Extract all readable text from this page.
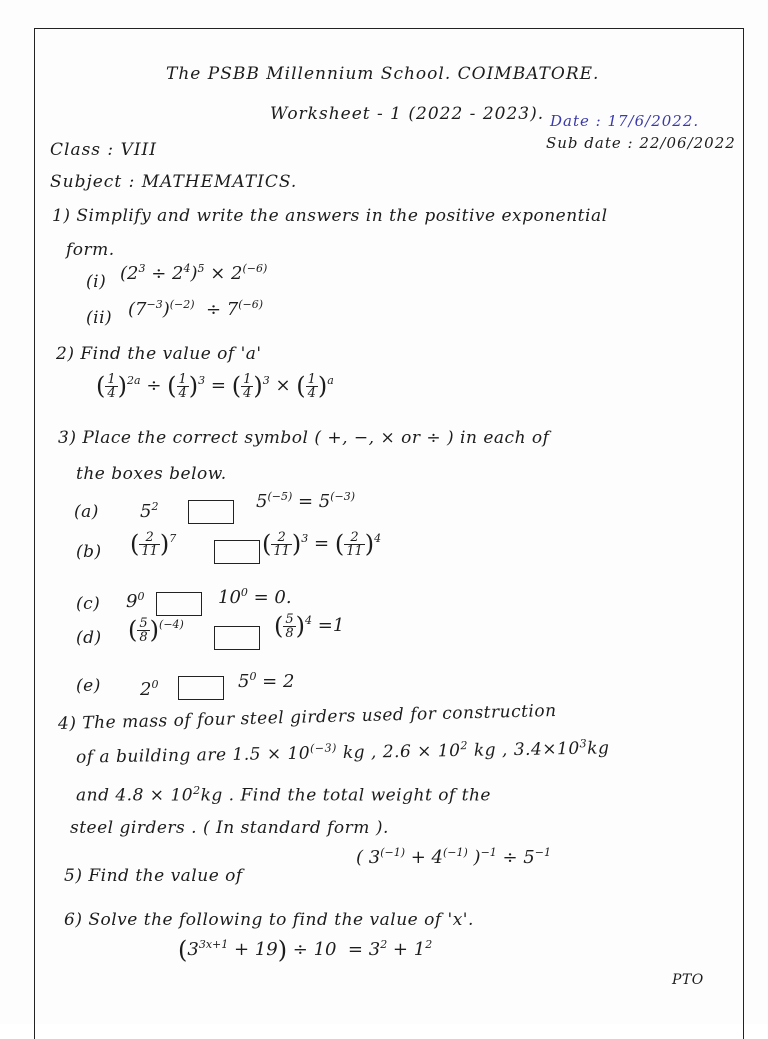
The PSBB Millennium School. COIMBATORE.
Worksheet - 1 (2022 - 2023). Date : 17/6/2022.
Class : VIII	Sub date : 22/06/2022
Subject : MATHEMATICS.
1) Simplify and write the answers in the positive exponential
form.
(i) $(2^3 \div 2^4)^5 \times 2^{(-6)}$
(ii) $(7^{-3})^{(-2)} \div 7^{(-6)}$
2) Find the value of 'a'
( $\frac{1}{4} )^{2a}$ ÷ ( $\frac{1}{4} )^3$ = ( $\frac{1}{4} )^3$ × ( $\frac{1}{4} )^a$
3) Place the correct symbol ( +, −, × or ÷ ) in each of
the boxes below.
(a) $5^2$	$5^{(-5)} = 5^{(-3)}$
(b) ( $\frac{2}{11} )^7$	( $\frac{2}{11} )^3$ = ( $\frac{2}{11} )^4$
(c) $9^0$	$10^0 = 0$.
(d) ( $\frac{5}{8} )^{(-4)}$	( $\frac{5}{8} )^4 =1$
(e) $2^0$	$5^0 = 2$
4) The mass of four steel girders used for construction
of a building are $1.5 \times 10^{(-3)}$ kg , $2.6 \times 10^2$ kg , $3.4\times 10^3kg$
and $4.8 \times 10^2kg$ . Find the total weight of the
steel girders . ( In standard form ).
5) Find the value of
( $3^{(-1)} + 4^{(-1)}$ )$^{-1} \div 5^{-1}$
6) Solve the following to find the value of 'x'.
$(3^{3x+1} + 19) \div 10 = 3^2 + 1^2$
PTO
